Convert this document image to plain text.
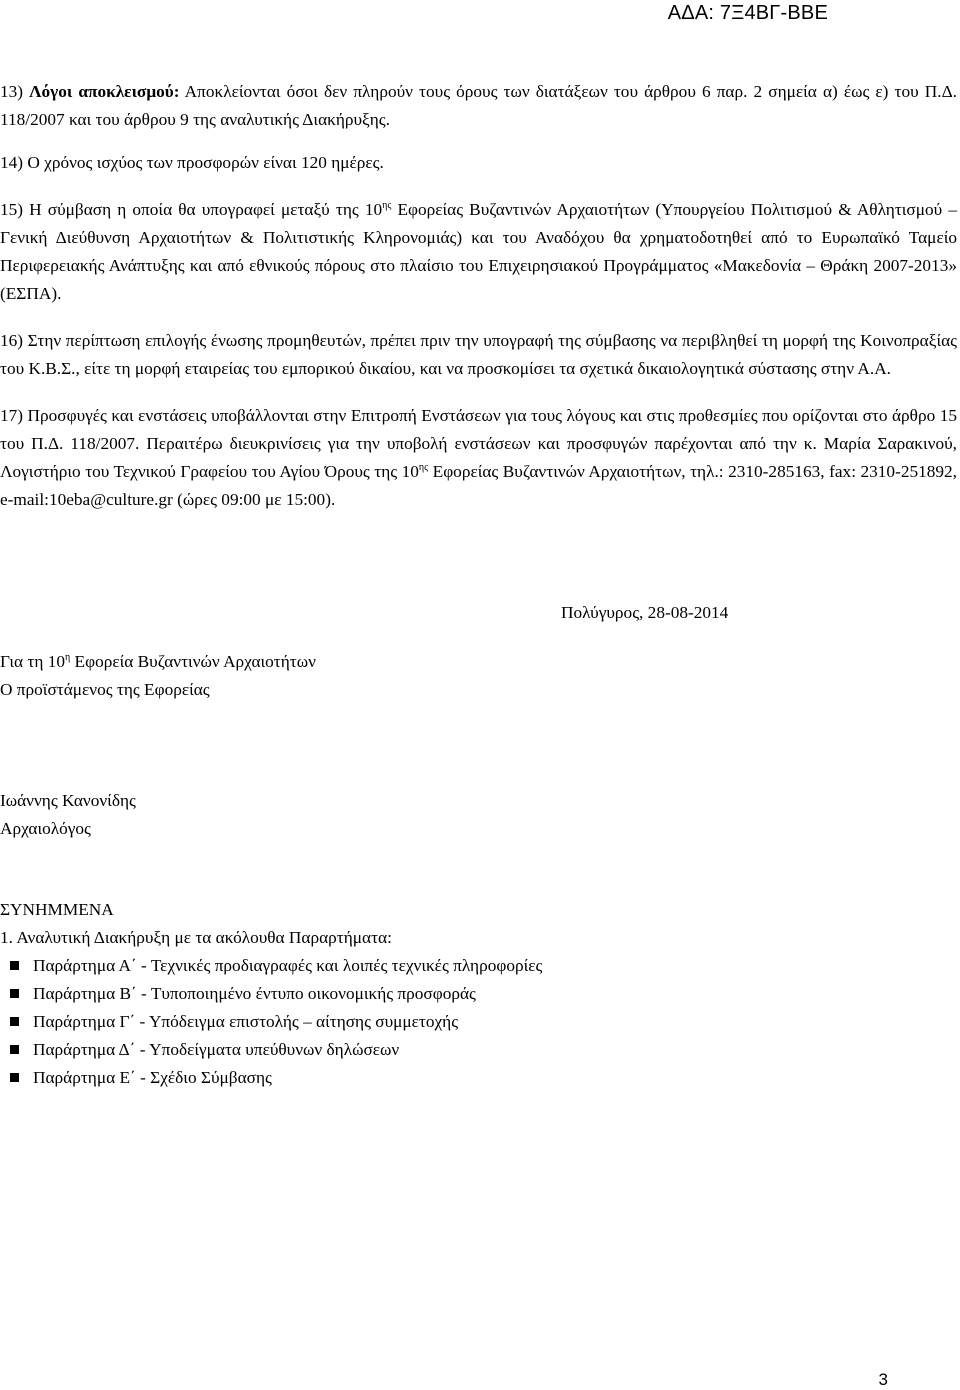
ΑΔΑ: 7Ξ4ΒΓ-ΒΒΕ

13) Λόγοι αποκλεισμού: Αποκλείονται όσοι δεν πληρούν τους όρους των διατάξεων του άρθρου 6 παρ. 2 σημεία α) έως ε) του Π.Δ. 118/2007 και του άρθρου 9 της αναλυτικής Διακήρυξης.

14) Ο χρόνος ισχύος των προσφορών είναι 120 ημέρες.

15) Η σύμβαση η οποία θα υπογραφεί μεταξύ της $10^{\eta\varsigma}$ Εφορείας Βυζαντινών Αρχαιοτήτων (Υπουργείου Πολιτισμού & Αθλητισμού – Γενική Διεύθυνση Αρχαιοτήτων & Πολιτιστικής Κληρονομιάς) και του Αναδόχου θα χρηματοδοτηθεί από το Ευρωπαϊκό Ταμείο Περιφερειακής Ανάπτυξης και από εθνικούς πόρους στο πλαίσιο του Επιχειρησιακού Προγράμματος «Μακεδονία – Θράκη 2007-2013» (ΕΣΠΑ).

16) Στην περίπτωση επιλογής ένωσης προμηθευτών, πρέπει πριν την υπογραφή της σύμβασης να περιβληθεί τη μορφή της Κοινοπραξίας του Κ.Β.Σ., είτε τη μορφή εταιρείας του εμπορικού δικαίου, και να προσκομίσει τα σχετικά δικαιολογητικά σύστασης στην Α.Α.

17) Προσφυγές και ενστάσεις υποβάλλονται στην Επιτροπή Ενστάσεων για τους λόγους και στις προθεσμίες που ορίζονται στο άρθρο 15 του Π.Δ. 118/2007. Περαιτέρω διευκρινίσεις για την υποβολή ενστάσεων και προσφυγών παρέχονται από την κ. Μαρία Σαρακινού, Λογιστήριο του Τεχνικού Γραφείου του Αγίου Όρους της $10^{\eta\varsigma}$ Εφορείας Βυζαντινών Αρχαιοτήτων, τηλ.: 2310-285163, fax: 2310-251892, e-mail:10eba@culture.gr (ώρες 09:00 με 15:00).

Πολύγυρος, 28-08-2014
Για τη $10^\eta$ Εφορεία Βυζαντινών Αρχαιοτήτων
Ο προϊστάμενος της Εφορείας
Ιωάννης Κανονίδης
Αρχαιολόγος
ΣΥΝΗΜΜΕΝΑ
1. Αναλυτική Διακήρυξη με τα ακόλουθα Παραρτήματα:
Παράρτημα Α΄ - Τεχνικές προδιαγραφές και λοιπές τεχνικές πληροφορίες
Παράρτημα Β΄ - Τυποποιημένο έντυπο οικονομικής προσφοράς
Παράρτημα Γ΄ - Υπόδειγμα επιστολής – αίτησης συμμετοχής
Παράρτημα Δ΄ - Υποδείγματα υπεύθυνων δηλώσεων
Παράρτημα Ε΄ - Σχέδιο Σύμβασης
3
